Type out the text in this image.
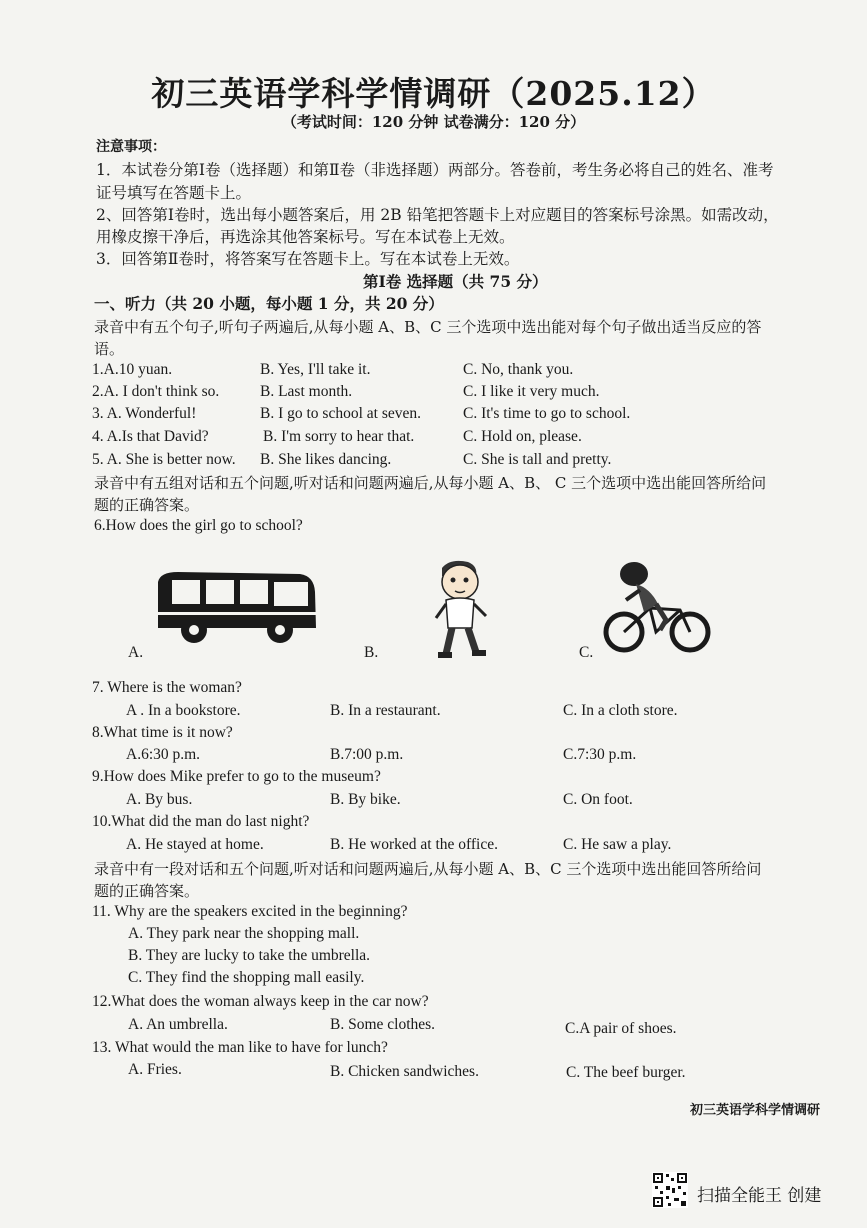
初三英语学科学情调研（2025.12）
（考试时间：120 分钟 试卷满分：120 分）
注意事项：
1．本试卷分第Ⅰ卷（选择题）和第Ⅱ卷（非选择题）两部分。答卷前，考生务必将自己的姓名、准考
证号填写在答题卡上。
2、回答第Ⅰ卷时，选出每小题答案后，用 2B 铅笔把答题卡上对应题目的答案标号涂黑。如需改动，
用橡皮擦干净后，再选涂其他答案标号。写在本试卷上无效。
3．回答第Ⅱ卷时，将答案写在答题卡上。写在本试卷上无效。
第Ⅰ卷 选择题（共 75 分）
一、听力（共 20 小题，每小题 1 分，共 20 分）
录音中有五个句子,听句子两遍后,从每小题 A、B、C 三个选项中选出能对每个句子做出适当反应的答
语。
1.A.10 yuan.	B. Yes, I'll take it.	C. No, thank you.
2.A. I don't think so.	B. Last month.	C. I like it very much.
3. A. Wonderful!	B. I go to school at seven.	C. It's time to go to school.
4. A.Is that David?	B. I'm sorry to hear that.	C. Hold on, please.
5. A. She is better now. B. She likes dancing.	C. She is tall and pretty.
录音中有五组对话和五个问题,听对话和问题两遍后,从每小题 A、B、 C 三个选项中选出能回答所给问
题的正确答案。
6.How does the girl go to school?
A.	B.	C.
7. Where is the woman?
A . In a bookstore.	B. In a restaurant.	C. In a cloth store.
8.What time is it now?
A.6:30 p.m.	B.7:00 p.m.	C.7:30 p.m.
9.How does Mike prefer to go to the museum?
A. By bus.	B. By bike.	C. On foot.
10.What did the man do last night?
A. He stayed at home.	B. He worked at the office.	C. He saw a play.
录音中有一段对话和五个问题,听对话和问题两遍后,从每小题 A、B、C 三个选项中选出能回答所给问
题的正确答案。
11. Why are the speakers excited in the beginning?
A. They park near the shopping mall.
B. They are lucky to take the umbrella.
C. They find the shopping mall easily.
12.What does the woman always keep in the car now?
A. An umbrella.	B. Some clothes.	C.A pair of shoes.
13. What would the man like to have for lunch?
A. Fries.	B. Chicken sandwiches.	C. The beef burger.
初三英语学科学情调研
扫描全能王 创建
